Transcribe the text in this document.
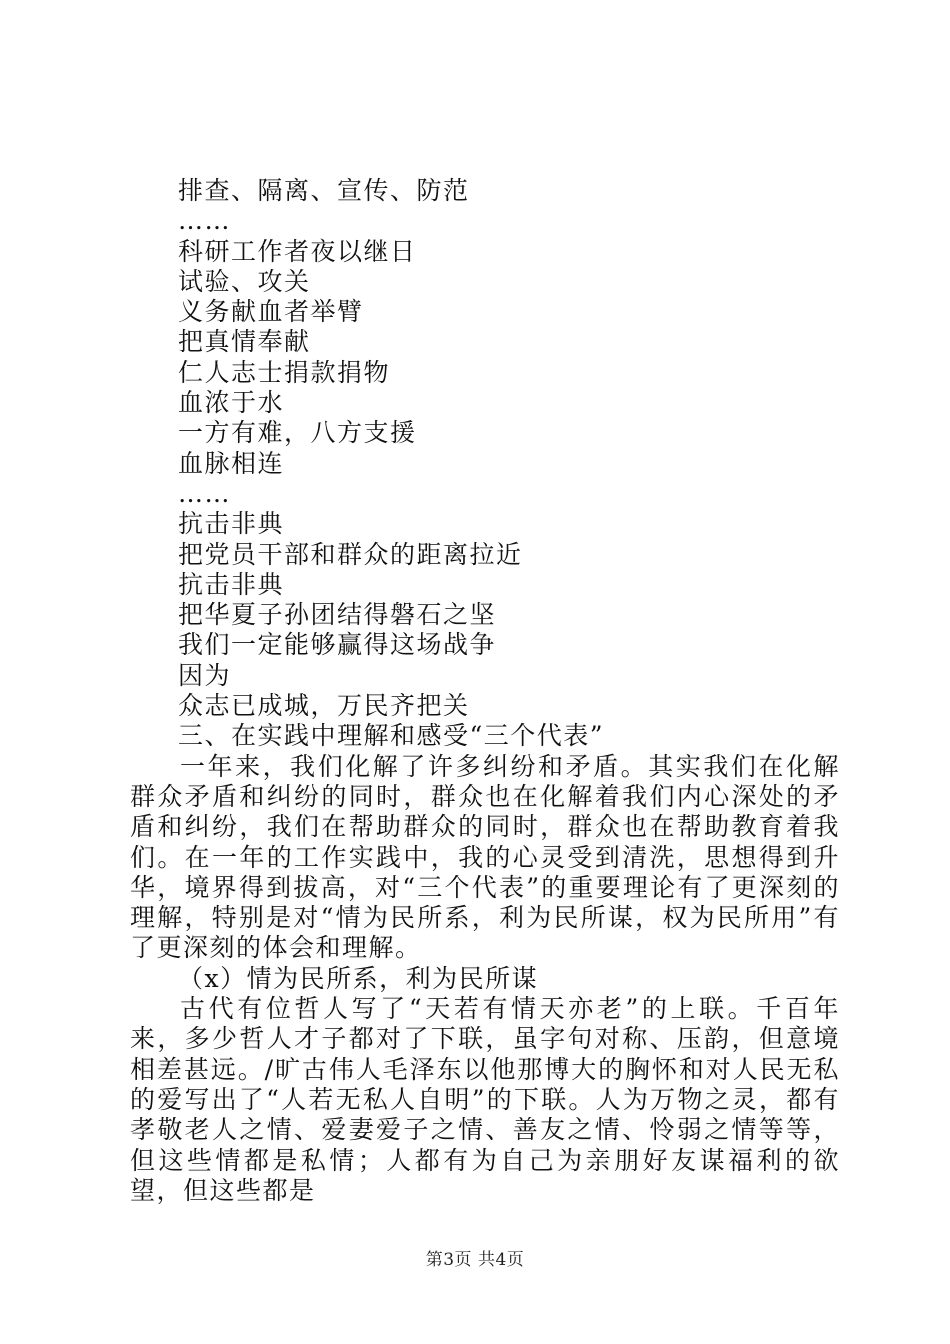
排查、隔离、宣传、防范
……
科研工作者夜以继日
试验、攻关
义务献血者举臂
把真情奉献
仁人志士捐款捐物
血浓于水
一方有难，八方支援
血脉相连
……
抗击非典
把党员干部和群众的距离拉近
抗击非典
把华夏子孙团结得磐石之坚
我们一定能够赢得这场战争
因为
众志已成城，万民齐把关
三、在实践中理解和感受“三个代表”

一年来，我们化解了许多纠纷和矛盾。其实我们在化解群众矛盾和纠纷的同时，群众也在化解着我们内心深处的矛盾和纠纷，我们在帮助群众的同时，群众也在帮助教育着我们。在一年的工作实践中，我的心灵受到清洗，思想得到升华，境界得到拔高，对“三个代表”的重要理论有了更深刻的理解，特别是对“情为民所系，利为民所谋，权为民所用”有了更深刻的体会和理解。

（x）情为民所系，利为民所谋

古代有位哲人写了“天若有情天亦老”的上联。千百年来，多少哲人才子都对了下联，虽字句对称、压韵，但意境相差甚远。/旷古伟人毛泽东以他那博大的胸怀和对人民无私的爱写出了“人若无私人自明”的下联。人为万物之灵，都有孝敬老人之情、爱妻爱子之情、善友之情、怜弱之情等等，但这些情都是私情；人都有为自己为亲朋好友谋福利的欲望，但这些都是

第3页 共4页
